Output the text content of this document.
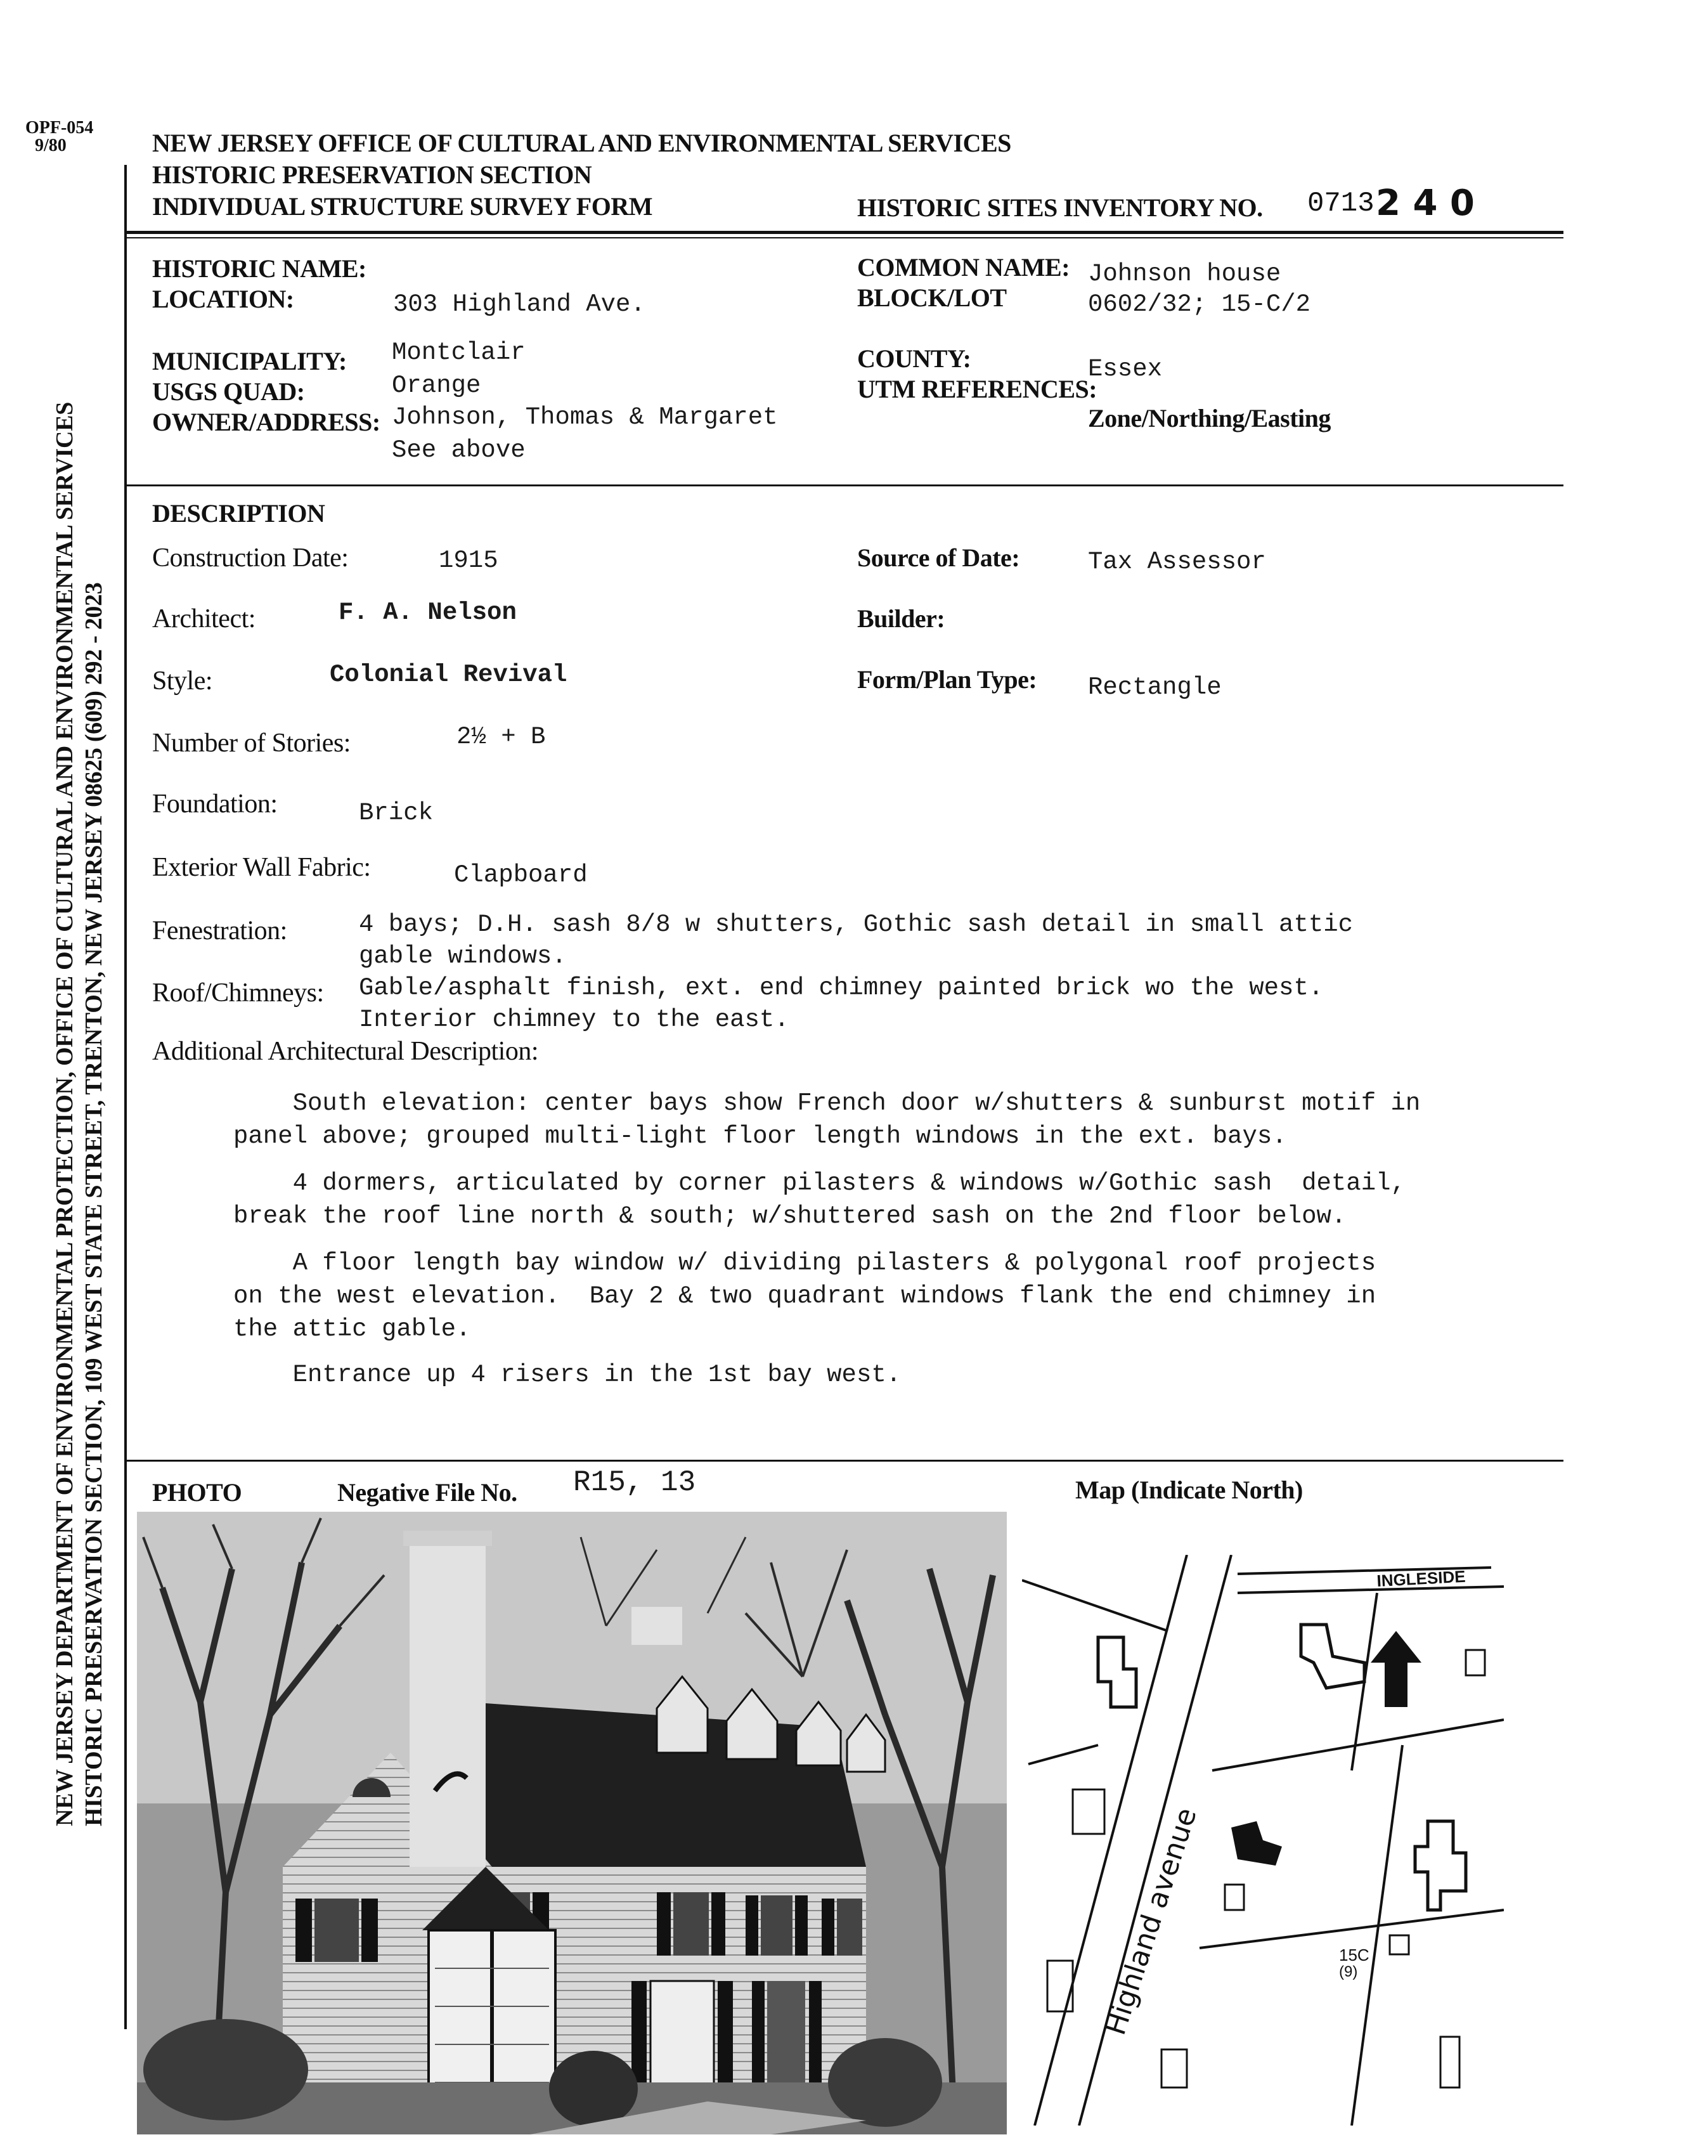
OPF-054
9/80
NEW JERSEY DEPARTMENT OF ENVIRONMENTAL PROTECTION, OFFICE OF CULTURAL AND ENVIRONMENTAL SERVICES HISTORIC PRESERVATION SECTION, 109 WEST STATE STREET, TRENTON, NEW JERSEY 08625 (609) 292 - 2023
NEW JERSEY OFFICE OF CULTURAL AND ENVIRONMENTAL SERVICES
HISTORIC PRESERVATION SECTION
INDIVIDUAL STRUCTURE SURVEY FORM	HISTORIC SITES INVENTORY NO. 0713 2 4 0
HISTORIC NAME:
LOCATION:	303 Highland Ave.
MUNICIPALITY: Montclair
USGS QUAD:	Orange
OWNER/ADDRESS: Johnson, Thomas & Margaret
See above
COMMON NAME: Johnson house
BLOCK/LOT	0602/32; 15-C/2
COUNTY:	Essex
UTM REFERENCES:
Zone/Northing/Easting
DESCRIPTION
Construction Date:	1915	Source of Date:	Tax Assessor
Architect:	F. A. Nelson	Builder:
Style:	Colonial Revival	Form/Plan Type: Rectangle
Number of Stories:	2½ + B
Foundation:	Brick
Exterior Wall Fabric:	Clapboard
Fenestration:	4 bays; D.H. sash 8/8 w shutters, Gothic sash detail in small attic
gable windows.
Roof/Chimneys: Gable/asphalt finish, ext. end chimney painted brick wo the west.
Interior chimney to the east.
Additional Architectural Description:
South elevation: center bays show French door w/shutters & sunburst motif in
panel above; grouped multi-light floor length windows in the ext. bays.
4 dormers, articulated by corner pilasters & windows w/Gothic sash  detail,
break the roof line north & south; w/shuttered sash on the 2nd floor below.
A floor length bay window w/ dividing pilasters & polygonal roof projects
on the west elevation.  Bay 2 & two quadrant windows flank the end chimney in
the attic gable.
Entrance up 4 risers in the 1st bay west.
PHOTO	Negative File No. R15, 13	Map (Indicate North)
INGLESIDE
Highland avenue	15C
(9)
